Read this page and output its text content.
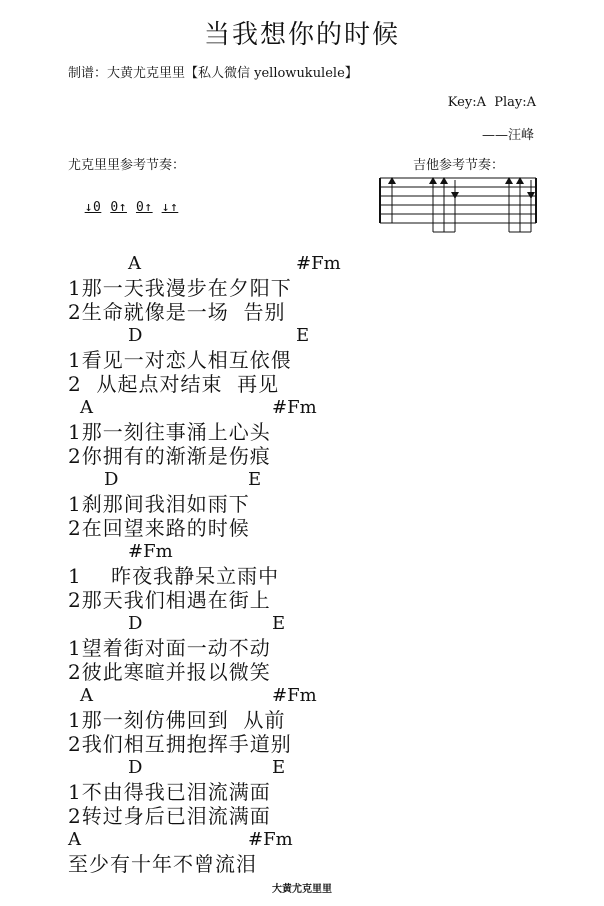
当我想你的时候
制谱：大黄尤克里里【私人微信 yellowukulele】
Key:A  Play:A
——汪峰
尤克里里参考节奏：	吉他参考节奏：

↓0 0↑ 0↑ ↓↑

A	#Fm
1那一天我漫步在夕阳下
2生命就像是一场  告别
D	E
1看见一对恋人相互依偎
2  从起点对结束  再见
A	#Fm
1那一刻往事涌上心头
2你拥有的渐渐是伤痕
D	E
1刹那间我泪如雨下
2在回望来路的时候
#Fm
1    昨夜我静呆立雨中
2那天我们相遇在街上
D	E
1望着街对面一动不动
2彼此寒暄并报以微笑
A	#Fm
1那一刻仿佛回到  从前
2我们相互拥抱挥手道别
D	E
1不由得我已泪流满面
2转过身后已泪流满面
A	#Fm
至少有十年不曾流泪
大黄尤克里里
